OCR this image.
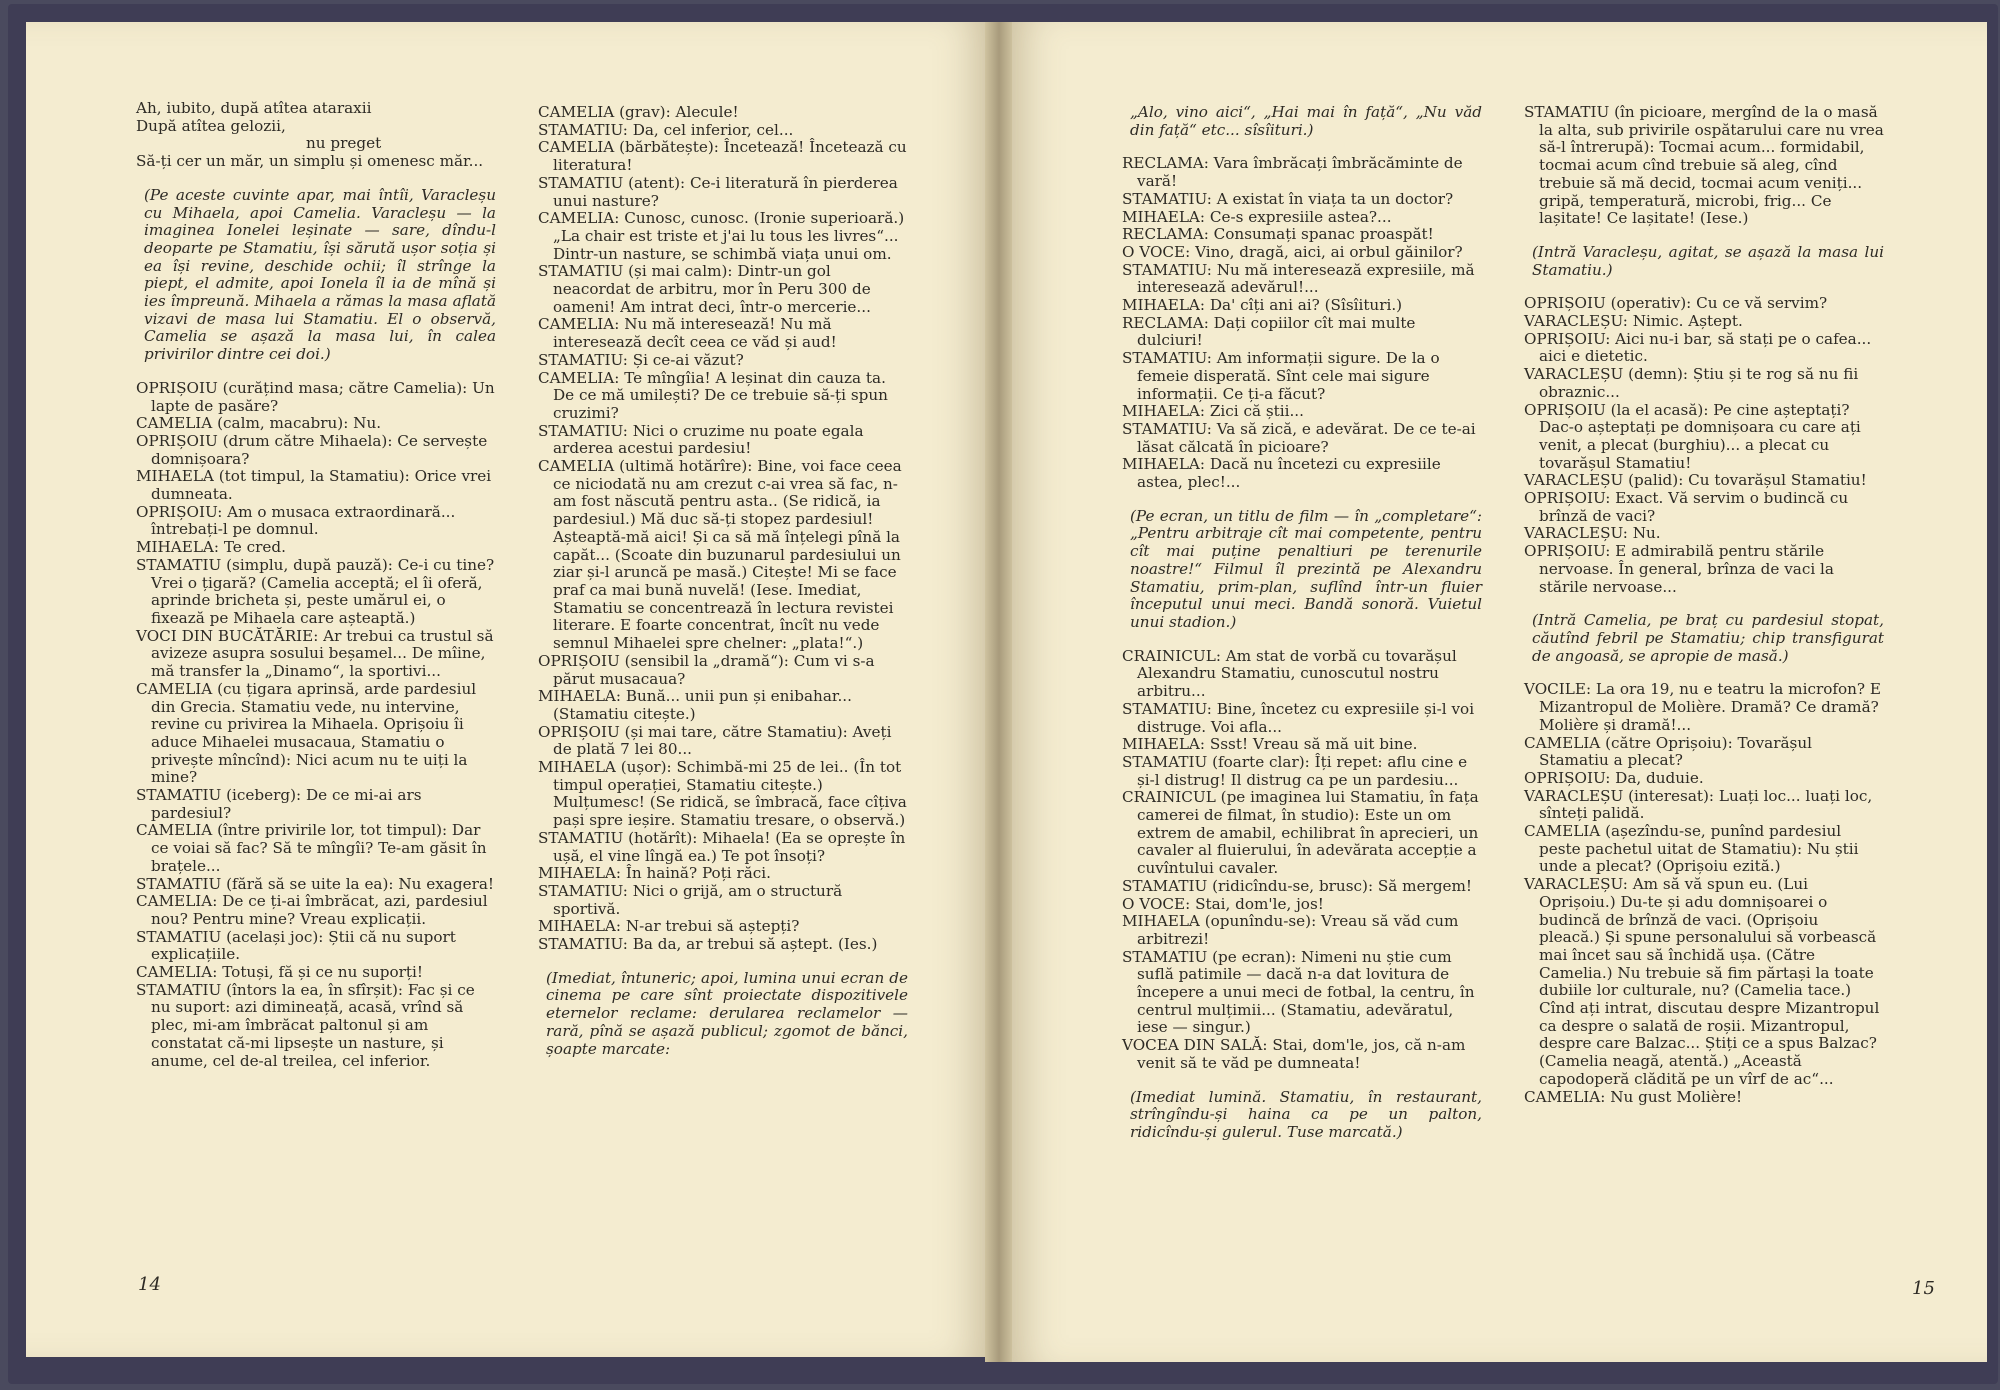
Ah, iubito, după atîtea ataraxii
După atîtea gelozii,
nu preget
Să-ți cer un măr, un simplu și omenesc măr...

(Pe aceste cuvinte apar, mai întîi, Varacleșu cu Mihaela, apoi Camelia. Varacleșu — la imaginea Ionelei leșinate — sare, dîndu-l deoparte pe Stamatiu, își sărută ușor soția și ea își revine, deschide ochii; îl strînge la piept, el admite, apoi Ionela îl ia de mînă și ies împreună. Mihaela a rămas la masa aflată vizavi de masa lui Stamatiu. El o observă, Camelia se așază la masa lui, în calea privirilor dintre cei doi.)

OPRIȘOIU (curățind masa; către Camelia): Un lapte de pasăre?
CAMELIA (calm, macabru): Nu.
OPRIȘOIU (drum către Mihaela): Ce servește domnișoara?
MIHAELA (tot timpul, la Stamatiu): Orice vrei dumneata.
OPRIȘOIU: Am o musaca extraordinară... întrebați-l pe domnul.
MIHAELA: Te cred.
STAMATIU (simplu, după pauză): Ce-i cu tine? Vrei o țigară? (Camelia acceptă; el îi oferă, aprinde bricheta și, peste umărul ei, o fixează pe Mihaela care așteaptă.)
VOCI DIN BUCĂTĂRIE: Ar trebui ca trustul să avizeze asupra sosului beșamel... De mîine, mă transfer la „Dinamo“, la sportivi...
CAMELIA (cu țigara aprinsă, arde pardesiul din Grecia. Stamatiu vede, nu intervine, revine cu privirea la Mihaela. Oprișoiu îi aduce Mihaelei musacaua, Stamatiu o privește mîncînd): Nici acum nu te uiți la mine?
STAMATIU (iceberg): De ce mi-ai ars pardesiul?
CAMELIA (între privirile lor, tot timpul): Dar ce voiai să fac? Să te mîngîi? Te-am găsit în brațele...
STAMATIU (fără să se uite la ea): Nu exagera!
CAMELIA: De ce ți-ai îmbrăcat, azi, pardesiul nou? Pentru mine? Vreau explicații.
STAMATIU (același joc): Știi că nu suport explicațiile.
CAMELIA: Totuși, fă și ce nu suporți!
STAMATIU (întors la ea, în sfîrșit): Fac și ce nu suport: azi dimineață, acasă, vrînd să plec, mi-am îmbrăcat paltonul și am constatat că-mi lipsește un nasture, și anume, cel de-al treilea, cel inferior.
CAMELIA (grav): Alecule!
STAMATIU: Da, cel inferior, cel...
CAMELIA (bărbătește): Încetează! Încetează cu literatura!
STAMATIU (atent): Ce-i literatură în pierderea unui nasture?
CAMELIA: Cunosc, cunosc. (Ironie superioară.) „La chair est triste et j'ai lu tous les livres“... Dintr-un nasture, se schimbă viața unui om.
STAMATIU (și mai calm): Dintr-un gol neacordat de arbitru, mor în Peru 300 de oameni! Am intrat deci, într-o mercerie...
CAMELIA: Nu mă interesează! Nu mă interesează decît ceea ce văd și aud!
STAMATIU: Și ce-ai văzut?
CAMELIA: Te mîngîia! A leșinat din cauza ta. De ce mă umilești? De ce trebuie să-ți spun cruzimi?
STAMATIU: Nici o cruzime nu poate egala arderea acestui pardesiu!
CAMELIA (ultimă hotărîre): Bine, voi face ceea ce niciodată nu am crezut c-ai vrea să fac, n-am fost născută pentru asta.. (Se ridică, ia pardesiul.) Mă duc să-ți stopez pardesiul! Așteaptă-mă aici! Și ca să mă înțelegi pînă la capăt... (Scoate din buzunarul pardesiului un ziar și-l aruncă pe masă.) Citește! Mi se face praf ca mai bună nuvelă! (Iese. Imediat, Stamatiu se concentrează în lectura revistei literare. E foarte concentrat, încît nu vede semnul Mihaelei spre chelner: „plata!“.)
OPRIȘOIU (sensibil la „dramă“): Cum vi s-a părut musacaua?
MIHAELA: Bună... unii pun și enibahar... (Stamatiu citește.)
OPRIȘOIU (și mai tare, către Stamatiu): Aveți de plată 7 lei 80...
MIHAELA (ușor): Schimbă-mi 25 de lei.. (În tot timpul operației, Stamatiu citește.) Mulțumesc! (Se ridică, se îmbracă, face cîțiva pași spre ieșire. Stamatiu tresare, o observă.)
STAMATIU (hotărît): Mihaela! (Ea se oprește în ușă, el vine lîngă ea.) Te pot însoți?
MIHAELA: În haină? Poți răci.
STAMATIU: Nici o grijă, am o structură sportivă.
MIHAELA: N-ar trebui să aștepți?
STAMATIU: Ba da, ar trebui să aștept. (Ies.)

(Imediat, întuneric; apoi, lumina unui ecran de cinema pe care sînt proiectate dispozitivele eternelor reclame: derularea reclamelor — rară, pînă se așază publicul; zgomot de bănci, șoapte marcate:

14

„Alo, vino aici“, „Hai mai în față“, „Nu văd din față“ etc... sîsîituri.)

RECLAMA: Vara îmbrăcați îmbrăcăminte de vară!
STAMATIU: A existat în viața ta un doctor?
MIHAELA: Ce-s expresiile astea?...
RECLAMA: Consumați spanac proaspăt!
O VOCE: Vino, dragă, aici, ai orbul găinilor?
STAMATIU: Nu mă interesează expresiile, mă interesează adevărul!...
MIHAELA: Da' cîți ani ai? (Sîsîituri.)
RECLAMA: Dați copiilor cît mai multe dulciuri!
STAMATIU: Am informații sigure. De la o femeie disperată. Sînt cele mai sigure informații. Ce ți-a făcut?
MIHAELA: Zici că știi...
STAMATIU: Va să zică, e adevărat. De ce te-ai lăsat călcată în picioare?
MIHAELA: Dacă nu încetezi cu expresiile astea, plec!...

(Pe ecran, un titlu de film — în „completare“: „Pentru arbitraje cît mai competente, pentru cît mai puține penaltiuri pe terenurile noastre!“ Filmul îl prezintă pe Alexandru Stamatiu, prim-plan, suflînd într-un fluier începutul unui meci. Bandă sonoră. Vuietul unui stadion.)

CRAINICUL: Am stat de vorbă cu tovarășul Alexandru Stamatiu, cunoscutul nostru arbitru...
STAMATIU: Bine, încetez cu expresiile și-l voi distruge. Voi afla...
MIHAELA: Ssst! Vreau să mă uit bine.
STAMATIU (foarte clar): Îți repet: aflu cine e și-l distrug! Il distrug ca pe un pardesiu...
CRAINICUL (pe imaginea lui Stamatiu, în fața camerei de filmat, în studio): Este un om extrem de amabil, echilibrat în aprecieri, un cavaler al fluierului, în adevărata accepție a cuvîntului cavaler.
STAMATIU (ridicîndu-se, brusc): Să mergem!
O VOCE: Stai, dom'le, jos!
MIHAELA (opunîndu-se): Vreau să văd cum arbitrezi!
STAMATIU (pe ecran): Nimeni nu știe cum suflă patimile — dacă n-a dat lovitura de începere a unui meci de fotbal, la centru, în centrul mulțimii... (Stamatiu, adevăratul, iese — singur.)
VOCEA DIN SALĂ: Stai, dom'le, jos, că n-am venit să te văd pe dumneata!

(Imediat lumină. Stamatiu, în restaurant, strîngîndu-și haina ca pe un palton, ridicîndu-și gulerul. Tuse marcată.)

STAMATIU (în picioare, mergînd de la o masă la alta, sub privirile ospătarului care nu vrea să-l întrerupă): Tocmai acum... formidabil, tocmai acum cînd trebuie să aleg, cînd trebuie să mă decid, tocmai acum veniți... gripă, temperatură, microbi, frig... Ce lașitate! Ce lașitate! (Iese.)

(Intră Varacleșu, agitat, se așază la masa lui Stamatiu.)

OPRIȘOIU (operativ): Cu ce vă servim?
VARACLEȘU: Nimic. Aștept.
OPRIȘOIU: Aici nu-i bar, să stați pe o cafea... aici e dietetic.
VARACLEȘU (demn): Știu și te rog să nu fii obraznic...
OPRIȘOIU (la el acasă): Pe cine așteptați? Dac-o așteptați pe domnișoara cu care ați venit, a plecat (burghiu)... a plecat cu tovarășul Stamatiu!
VARACLEȘU (palid): Cu tovarășul Stamatiu!
OPRIȘOIU: Exact. Vă servim o budincă cu brînză de vaci?
VARACLEȘU: Nu.
OPRIȘOIU: E admirabilă pentru stările nervoase. În general, brînza de vaci la stările nervoase...

(Intră Camelia, pe braț cu pardesiul stopat, căutînd febril pe Stamatiu; chip transfigurat de angoasă, se apropie de masă.)

VOCILE: La ora 19, nu e teatru la microfon? E Mizantropul de Molière. Dramă? Ce dramă? Molière și dramă!...
CAMELIA (către Oprișoiu): Tovarășul Stamatiu a plecat?
OPRIȘOIU: Da, duduie.
VARACLEȘU (interesat): Luați loc... luați loc, sînteți palidă.
CAMELIA (așezîndu-se, punînd pardesiul peste pachetul uitat de Stamatiu): Nu știi unde a plecat? (Oprișoiu ezită.)
VARACLEȘU: Am să vă spun eu. (Lui Oprișoiu.) Du-te și adu domnișoarei o budincă de brînză de vaci. (Oprișoiu pleacă.) Și spune personalului să vorbească mai încet sau să închidă ușa. (Către Camelia.) Nu trebuie să fim părtași la toate dubiile lor culturale, nu? (Camelia tace.) Cînd ați intrat, discutau despre Mizantropul ca despre o salată de roșii. Mizantropul, despre care Balzac... Știți ce a spus Balzac? (Camelia neagă, atentă.) „Această capodoperă clădită pe un vîrf de ac“...
CAMELIA: Nu gust Molière!
15
